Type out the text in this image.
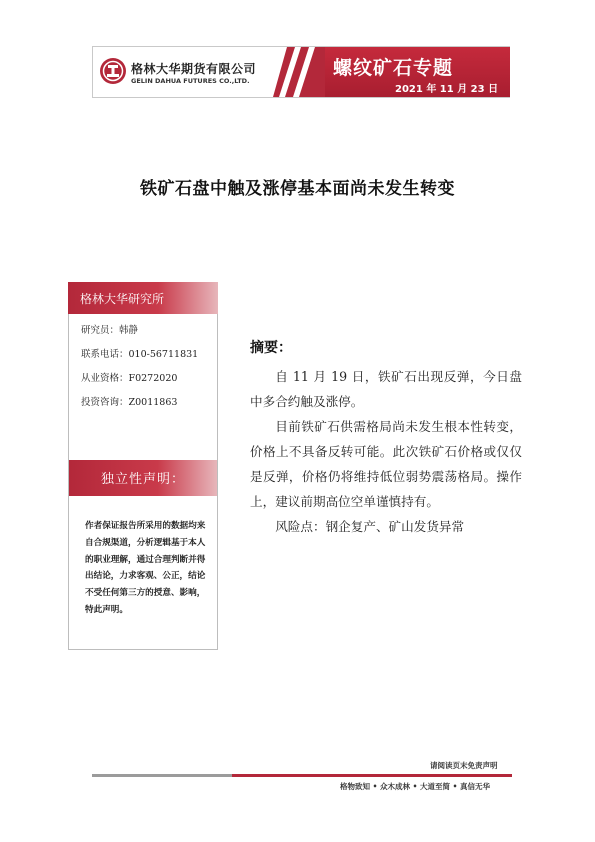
格林大华期货有限公司
GELIN DAHUA FUTURES CO.,LTD.
螺纹矿石专题
2021 年 11 月 23 日
铁矿石盘中触及涨停基本面尚未发生转变
格林大华研究所
研究员：韩静
联系电话：010-56711831
从业资格：F0272020
投资咨询：Z0011863
独立性声明：
作者保证报告所采用的数据均来自合规渠道，分析逻辑基于本人的职业理解，通过合理判断并得出结论，力求客观、公正，结论不受任何第三方的授意、影响，特此声明。
摘要：

自 11 月 19 日，铁矿石出现反弹，今日盘中多合约触及涨停。

目前铁矿石供需格局尚未发生根本性转变，价格上不具备反转可能。此次铁矿石价格或仅仅是反弹，价格仍将维持低位弱势震荡格局。操作上，建议前期高位空单谨慎持有。

风险点：钢企复产、矿山发货异常

请阅读页末免责声明
格物致知 • 众木成林 • 大道至简 • 真信无华
